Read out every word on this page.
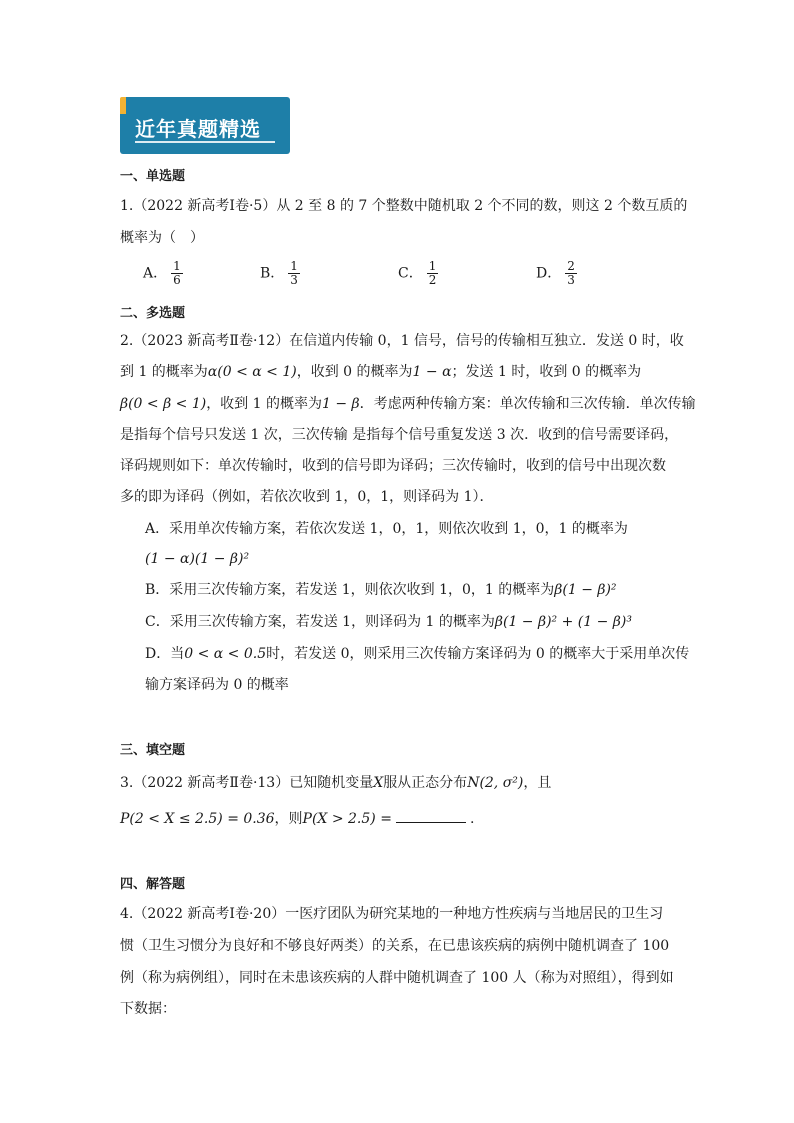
近年真题精选
一、单选题
1.（2022 新高考Ⅰ卷·5）从 2 至 8 的 7 个整数中随机取 2 个不同的数，则这 2 个数互质的
概率为（　）
A． $\frac{1}{6}$	B． $\frac{1}{3}$	C． $\frac{1}{2}$	D． $\frac{2}{3}$
二、多选题
2.（2023 新高考Ⅱ卷·12）在信道内传输 0，1 信号，信号的传输相互独立．发送 0 时，收
到 1 的概率为α(0 < α < 1)，收到 0 的概率为1 − α；发送 1 时，收到 0 的概率为
β(0 < β < 1)，收到 1 的概率为1 − β．考虑两种传输方案：单次传输和三次传输．单次传输
是指每个信号只发送 1 次，三次传输 是指每个信号重复发送 3 次．收到的信号需要译码，
译码规则如下：单次传输时，收到的信号即为译码；三次传输时，收到的信号中出现次数
多的即为译码（例如，若依次收到 1，0，1，则译码为 1）．
A．采用单次传输方案，若依次发送 1，0，1，则依次收到 1，0，1 的概率为
(1 − α)(1 − β)²
B．采用三次传输方案，若发送 1，则依次收到 1，0，1 的概率为β(1 − β)²
C．采用三次传输方案，若发送 1，则译码为 1 的概率为β(1 − β)² + (1 − β)³
D．当0 < α < 0.5时，若发送 0，则采用三次传输方案译码为 0 的概率大于采用单次传
输方案译码为 0 的概率
三、填空题
3.（2022 新高考Ⅱ卷·13）已知随机变量X服从正态分布N(2, σ²)，且
P(2 < X ≤ 2.5) = 0.36，则P(X > 2.5) =	.
四、解答题
4.（2022 新高考Ⅰ卷·20）一医疗团队为研究某地的一种地方性疾病与当地居民的卫生习
惯（卫生习惯分为良好和不够良好两类）的关系，在已患该疾病的病例中随机调查了 100
例（称为病例组），同时在未患该疾病的人群中随机调查了 100 人（称为对照组），得到如
下数据：
